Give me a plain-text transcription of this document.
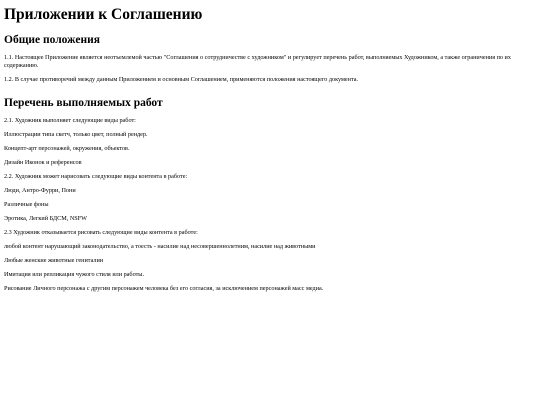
Приложении к Соглашению
Общие положения

1.1. Настоящее Приложение является неотъемлемой частью "Соглашения о сотрудничестве с художником" и регулирует перечень работ, выполняемых Художником, а также ограничения по их содержанию.

1.2. В случае противоречий между данным Приложением и основным Соглашением, применяются положения настоящего документа.

Перечень выполняемых работ

2.1. Художник выполняет следующие виды работ:

Иллюстрации типа скетч, только цвет, полный рендер.

Концепт-арт персонажей, окружения, объектов.

Дизайн Иконок и референсов

2.2. Художник может нарисовать следующие виды контента в работе:

Люди, Антро-Фурри, Пони

Различные фоны

Эротика, Легкий БДСМ, NSFW

2.3 Художник отказывается рисовать следующие виды контента в работе:

любой контент нарушающий законодательство, а тоесть - насилие над несовершеннолетним, насилие над животными

Любые женские животные гениталии

Имитация или репликация чужого стиля или работы.

Рисование Личного персонажа с другим персонажем человека без его согласия, за исключением персонажей масс медиа.
